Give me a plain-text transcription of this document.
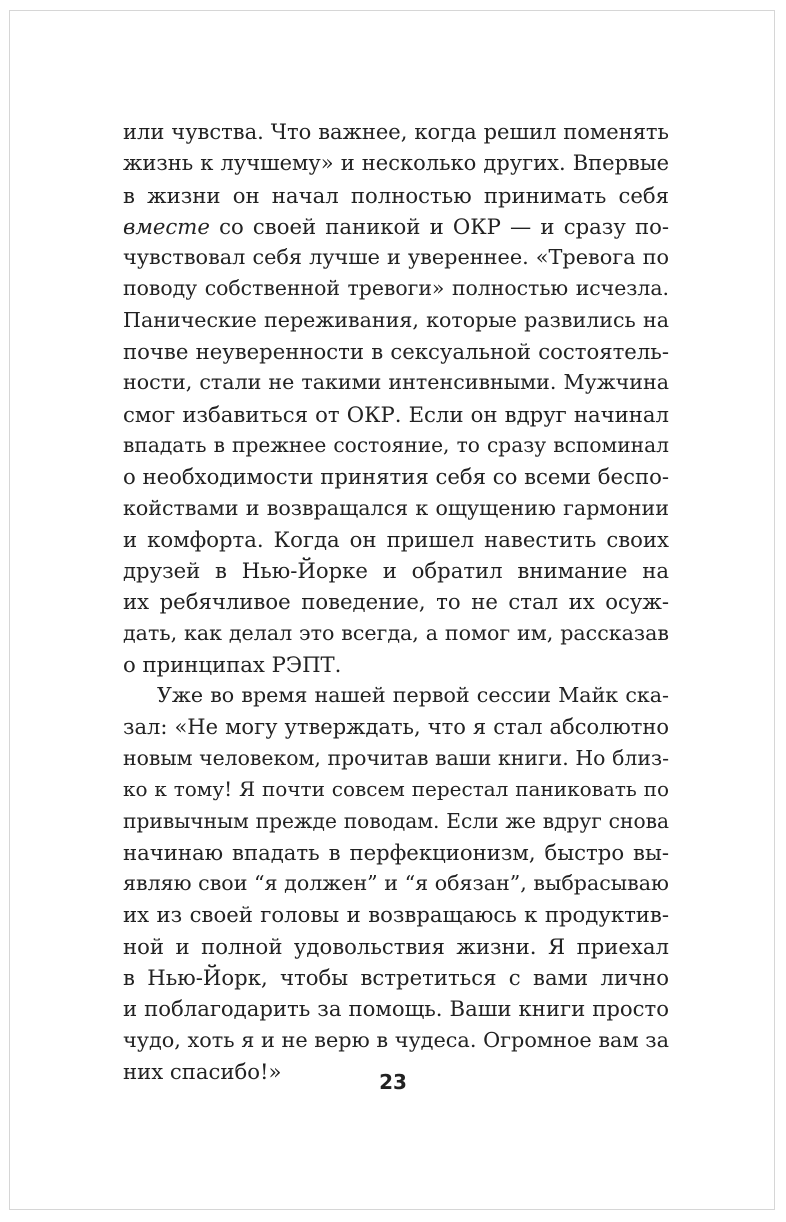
или чувства. Что важнее, когда решил поменять
жизнь к лучшему» и несколько других. Впервые
в жизни он начал полностью принимать себя
вместе со своей паникой и ОКР — и сразу по-
чувствовал себя лучше и увереннее. «Тревога по
поводу собственной тревоги» полностью исчезла.
Панические переживания, которые развились на
почве неуверенности в сексуальной состоятель-
ности, стали не такими интенсивными. Мужчина
смог избавиться от ОКР. Если он вдруг начинал
впадать в прежнее состояние, то сразу вспоминал
о необходимости принятия себя со всеми беспо-
койствами и возвращался к ощущению гармонии
и комфорта. Когда он пришел навестить своих
друзей в Нью-Йорке и обратил внимание на
их ребячливое поведение, то не стал их осуж-
дать, как делал это всегда, а помог им, рассказав
о принципах РЭПТ.
Уже во время нашей первой сессии Майк ска-
зал: «Не могу утверждать, что я стал абсолютно
новым человеком, прочитав ваши книги. Но близ-
ко к тому! Я почти совсем перестал паниковать по
привычным прежде поводам. Если же вдруг снова
начинаю впадать в перфекционизм, быстро вы-
являю свои “я должен” и “я обязан”, выбрасываю
их из своей головы и возвращаюсь к продуктив-
ной и полной удовольствия жизни. Я приехал
в Нью-Йорк, чтобы встретиться с вами лично
и поблагодарить за помощь. Ваши книги просто
чудо, хоть я и не верю в чудеса. Огромное вам за
них спасибо!»	23
